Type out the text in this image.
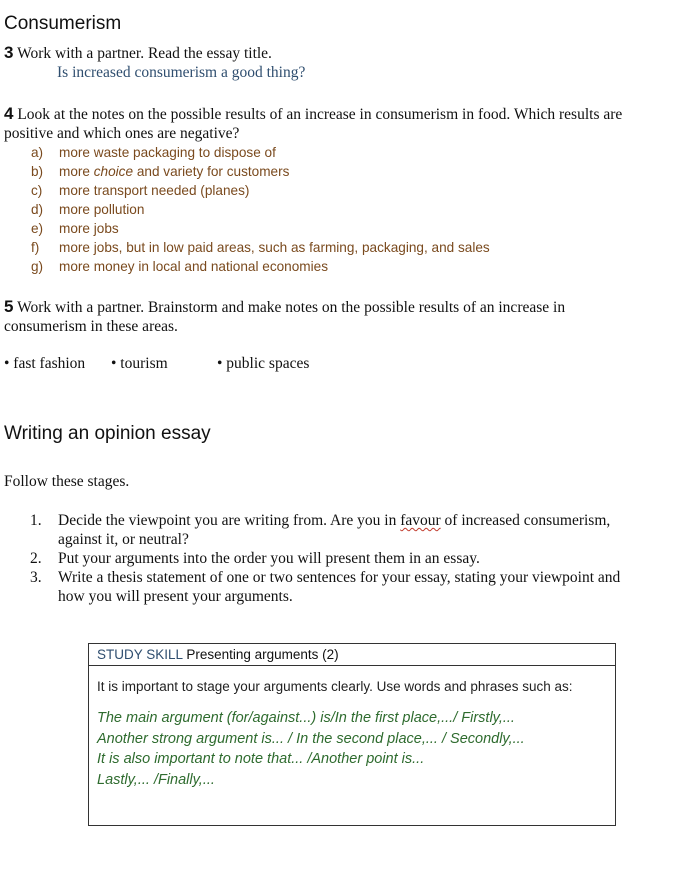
Consumerism
3 Work with a partner. Read the essay title.
Is increased consumerism a good thing?
4 Look at the notes on the possible results of an increase in consumerism in food. Which results are
positive and which ones are negative?
a)	more waste packaging to dispose of
b)	more choice and variety for customers
c)	more transport needed (planes)
d)	more pollution
e)	more jobs
f)	more jobs, but in low paid areas, such as farming, packaging, and sales
g)	more money in local and national economies
5 Work with a partner. Brainstorm and make notes on the possible results of an increase in
consumerism in these areas.
• fast fashion • tourism	• public spaces
Writing an opinion essay
Follow these stages.
1.	Decide the viewpoint you are writing from. Are you in favour of increased consumerism,
against it, or neutral?
2.	Put your arguments into the order you will present them in an essay.
3.	Write a thesis statement of one or two sentences for your essay, stating your viewpoint and
how you will present your arguments.
STUDY SKILL Presenting arguments (2)
It is important to stage your arguments clearly. Use words and phrases such as:
The main argument (for/against...) is/In the first place,.../ Firstly,...
Another strong argument is... / In the second place,... / Secondly,...
It is also important to note that... /Another point is...
Lastly,... /Finally,...
